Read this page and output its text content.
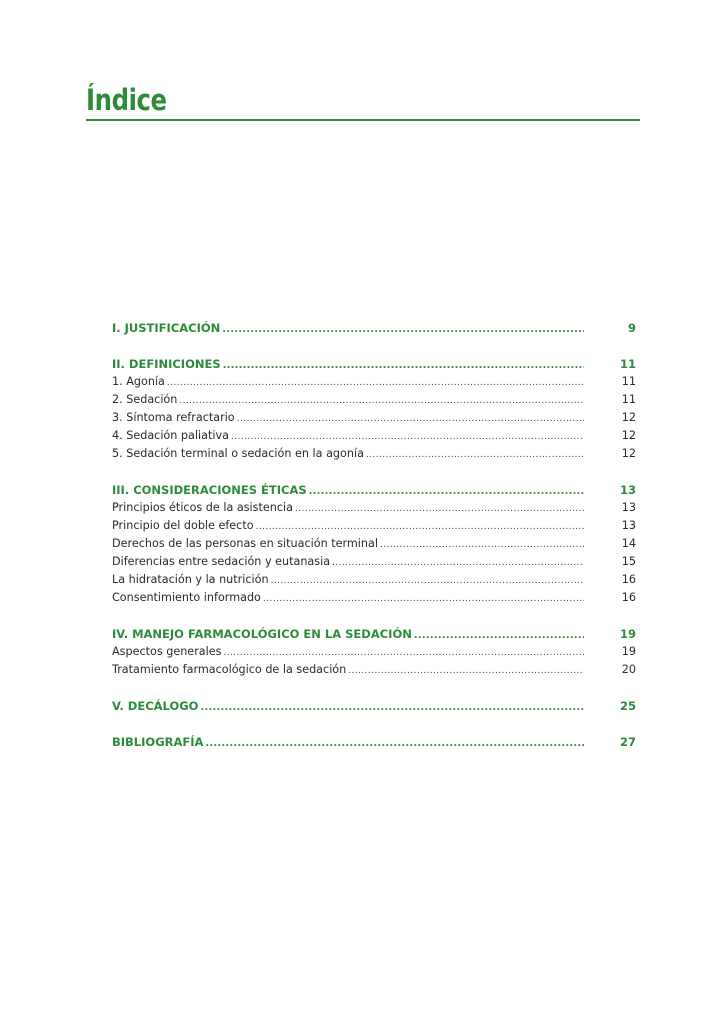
Índice
I. JUSTIFICACIÓN .....	9
II. DEFINICIONES .....	11
1. Agonía .....	11
2. Sedación .....	11
3. Síntoma refractario .....	12
4. Sedación paliativa .....	12
5. Sedación terminal o sedación en la agonía .....	12
III. CONSIDERACIONES ÉTICAS .....	13
Principios éticos de la asistencia .....	13
Principio del doble efecto .....	13
Derechos de las personas en situación terminal .....	14
Diferencias entre sedación y eutanasia .....	15
La hidratación y la nutrición .....	16
Consentimiento informado .....	16
IV. MANEJO FARMACOLÓGICO EN LA SEDACIÓN .....	19
Aspectos generales .....	19
Tratamiento farmacológico de la sedación .....	20
V. DECÁLOGO .....	25
BIBLIOGRAFÍA .....	27
